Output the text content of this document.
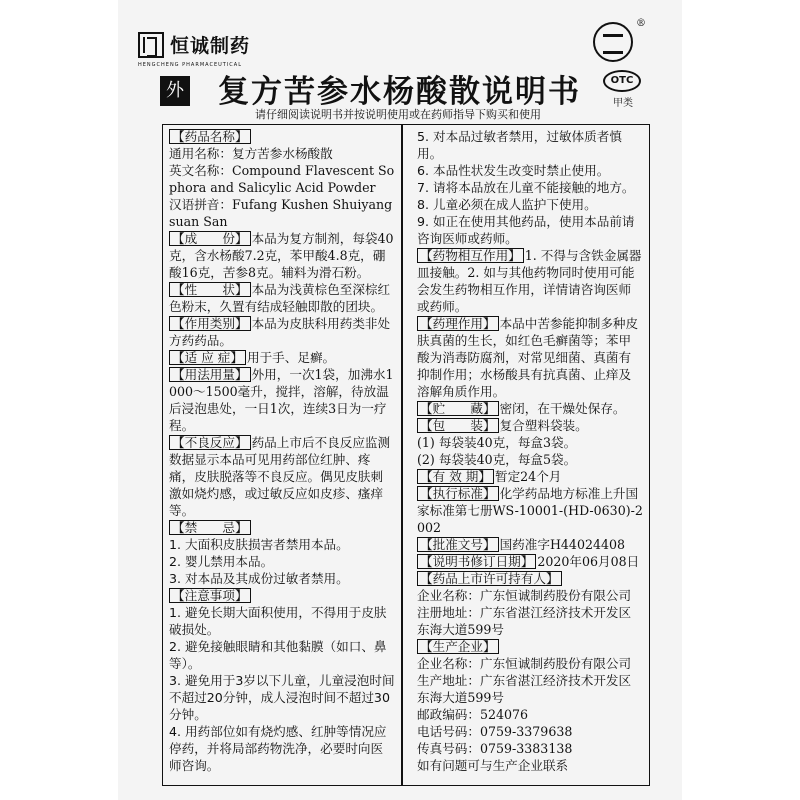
恒诚制药
HENGCHENG PHARMACEUTICAL
外 复方苦参水杨酸散说明书
请仔细阅读说明书并按说明使用或在药师指导下购买和使用
®
OTC
甲类

【药品名称】

通用名称：复方苦参水杨酸散

英文名称：Compound Flavescent Sophora and Salicylic Acid Powder

汉语拼音：Fufang Kushen Shuiyangsuan San

【成　　份】 本品为复方制剂，每袋40克，含水杨酸7.2克，苯甲酸4.8克，硼酸16克，苦参8克。辅料为滑石粉。

【性　　状】 本品为浅黄棕色至深棕红色粉末，久置有结成轻触即散的团块。

【作用类别】 本品为皮肤科用药类非处方药药品。

【适 应 症】 用于手、足癣。

【用法用量】 外用，一次1袋，加沸水1000～1500毫升，搅拌，溶解，待放温后浸泡患处，一日1次，连续3日为一疗程。

【不良反应】 药品上市后不良反应监测数据显示本品可见用药部位红肿、疼痛，皮肤脱落等不良反应。偶见皮肤刺激如烧灼感，或过敏反应如皮疹、瘙痒等。

【禁　　忌】

1. 大面积皮肤损害者禁用本品。

2. 婴儿禁用本品。

3. 对本品及其成份过敏者禁用。

【注意事项】

1. 避免长期大面积使用，不得用于皮肤破损处。

2. 避免接触眼睛和其他黏膜（如口、鼻等）。

3. 避免用于3岁以下儿童，儿童浸泡时间不超过20分钟，成人浸泡时间不超过30分钟。

4. 用药部位如有烧灼感、红肿等情况应停药，并将局部药物洗净，必要时向医师咨询。

5. 对本品过敏者禁用，过敏体质者慎用。

6. 本品性状发生改变时禁止使用。

7. 请将本品放在儿童不能接触的地方。

8. 儿童必须在成人监护下使用。

9. 如正在使用其他药品，使用本品前请咨询医师或药师。

【药物相互作用】 1. 不得与含铁金属器皿接触。2. 如与其他药物同时使用可能会发生药物相互作用，详情请咨询医师或药师。

【药理作用】 本品中苦参能抑制多种皮肤真菌的生长，如红色毛癣菌等；苯甲酸为消毒防腐剂，对常见细菌、真菌有抑制作用；水杨酸具有抗真菌、止痒及溶解角质作用。

【贮　　藏】 密闭，在干燥处保存。

【包　　装】 复合塑料袋装。

(1) 每袋装40克，每盒3袋。

(2) 每袋装40克，每盒5袋。

【有 效 期】 暂定24个月

【执行标准】 化学药品地方标准上升国家标准第七册WS-10001-(HD-0630)-2002

【批准文号】 国药准字H44024408

【说明书修订日期】 2020年06月08日

【药品上市许可持有人】

企业名称：广东恒诚制药股份有限公司

注册地址：广东省湛江经济技术开发区东海大道599号

【生产企业】

企业名称：广东恒诚制药股份有限公司

生产地址：广东省湛江经济技术开发区东海大道599号

邮政编码：524076

电话号码：0759-3379638

传真号码：0759-3383138

如有问题可与生产企业联系
